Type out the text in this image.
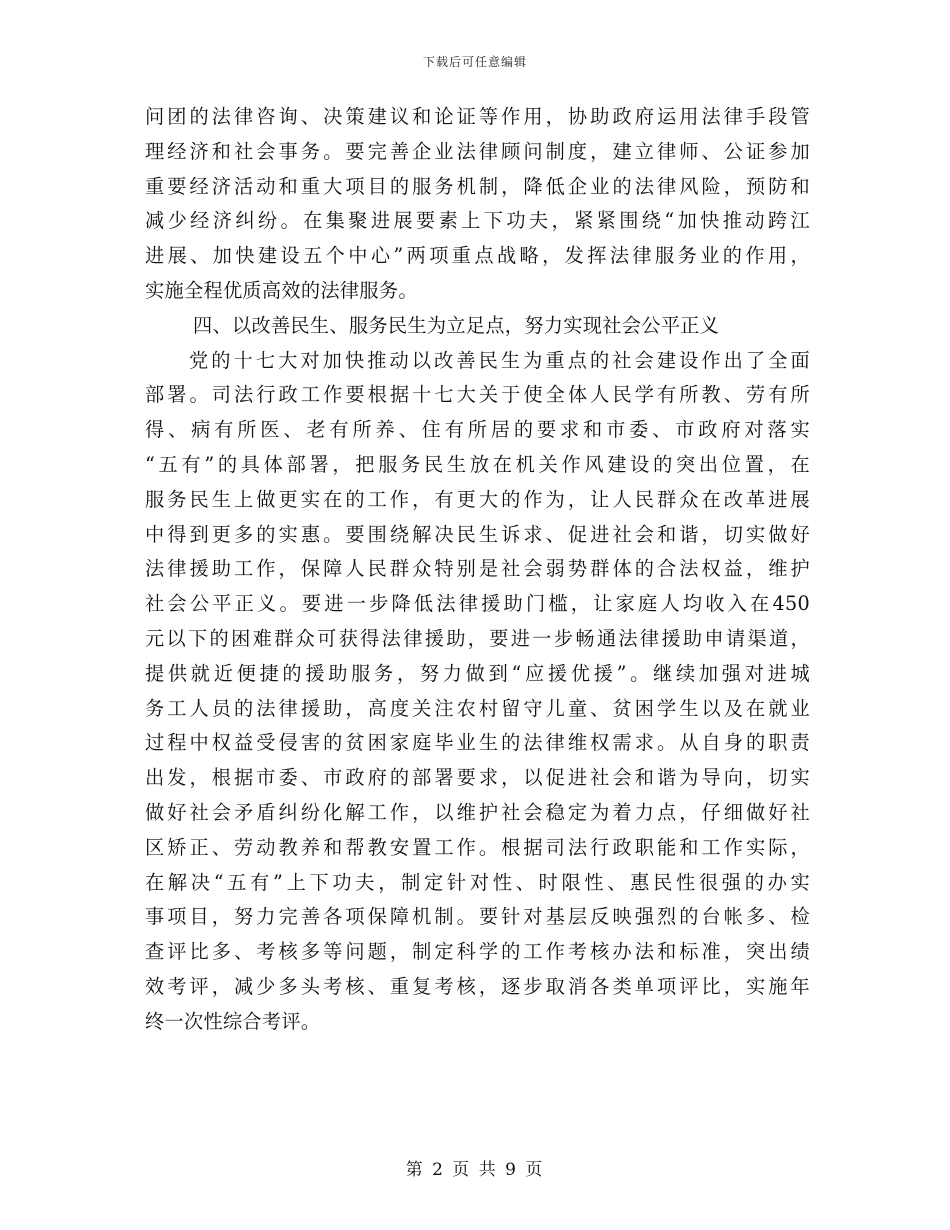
下载后可任意编辑
问团的法律咨询、决策建议和论证等作用，协助政府运用法律手段管
理经济和社会事务。要完善企业法律顾问制度，建立律师、公证参加
重要经济活动和重大项目的服务机制，降低企业的法律风险，预防和
减少经济纠纷。在集聚进展要素上下功夫，紧紧围绕“加快推动跨江
进展、加快建设五个中心”两项重点战略，发挥法律服务业的作用，
实施全程优质高效的法律服务。
四、以改善民生、服务民生为立足点，努力实现社会公平正义
党的十七大对加快推动以改善民生为重点的社会建设作出了全面
部署。司法行政工作要根据十七大关于使全体人民学有所教、劳有所
得、病有所医、老有所养、住有所居的要求和市委、市政府对落实
“五有”的具体部署，把服务民生放在机关作风建设的突出位置，在
服务民生上做更实在的工作，有更大的作为，让人民群众在改革进展
中得到更多的实惠。要围绕解决民生诉求、促进社会和谐，切实做好
法律援助工作，保障人民群众特别是社会弱势群体的合法权益，维护
社会公平正义。要进一步降低法律援助门槛，让家庭人均收入在450
元以下的困难群众可获得法律援助，要进一步畅通法律援助申请渠道，
提供就近便捷的援助服务，努力做到“应援优援”。继续加强对进城
务工人员的法律援助，高度关注农村留守儿童、贫困学生以及在就业
过程中权益受侵害的贫困家庭毕业生的法律维权需求。从自身的职责
出发，根据市委、市政府的部署要求，以促进社会和谐为导向，切实
做好社会矛盾纠纷化解工作，以维护社会稳定为着力点，仔细做好社
区矫正、劳动教养和帮教安置工作。根据司法行政职能和工作实际，
在解决“五有”上下功夫，制定针对性、时限性、惠民性很强的办实
事项目，努力完善各项保障机制。要针对基层反映强烈的台帐多、检
查评比多、考核多等问题，制定科学的工作考核办法和标准，突出绩
效考评，减少多头考核、重复考核，逐步取消各类单项评比，实施年
终一次性综合考评。
第 2 页 共 9 页
